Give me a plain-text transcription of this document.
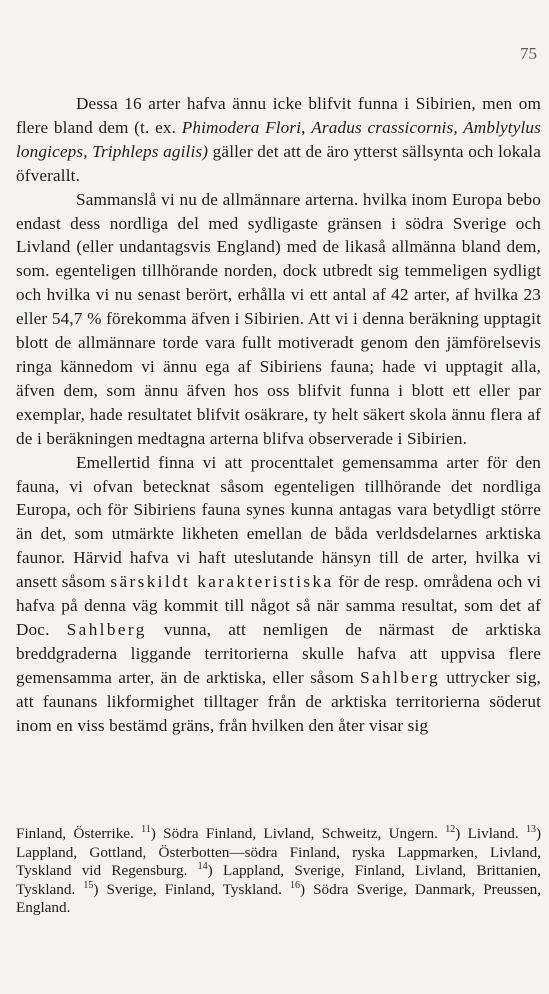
75

Dessa 16 arter hafva ännu icke blifvit funna i Sibirien, men om flere bland dem (t. ex. Phimodera Flori, Aradus crassicornis, Amblytylus longiceps, Triphleps agilis) gäller det att de äro ytterst sällsynta och lokala öfverallt.

Sammanslå vi nu de allmännare arterna. hvilka inom Europa bebo endast dess nordliga del med sydligaste gränsen i södra Sverige och Livland (eller undantagsvis England) med de likaså allmänna bland dem, som. egenteligen tillhörande norden, dock utbredt sig temmeligen sydligt och hvilka vi nu senast berört, erhålla vi ett antal af 42 arter, af hvilka 23 eller 54,7 % förekomma äfven i Sibirien. Att vi i denna beräkning upptagit blott de allmännare torde vara fullt motiveradt genom den jämförelsevis ringa kännedom vi ännu ega af Sibiriens fauna; hade vi upptagit alla, äfven dem, som ännu äfven hos oss blifvit funna i blott ett eller par exemplar, hade resultatet blifvit osäkrare, ty helt säkert skola ännu flera af de i beräkningen medtagna arterna blifva observerade i Sibirien.

Emellertid finna vi att procenttalet gemensamma arter för den fauna, vi ofvan betecknat såsom egenteligen tillhörande det nordliga Europa, och för Sibiriens fauna synes kunna antagas vara betydligt större än det, som utmärkte likheten emellan de båda verldsdelarnes arktiska faunor. Härvid hafva vi haft uteslutande hänsyn till de arter, hvilka vi ansett såsom särskildt karakteristiska för de resp. områdena och vi hafva på denna väg kommit till något så när samma resultat, som det af Doc. Sahlberg vunna, att nemligen de närmast de arktiska breddgraderna liggande territorierna skulle hafva att uppvisa flere gemensamma arter, än de arktiska, eller såsom Sahlberg uttrycker sig, att faunans likformighet tilltager från de arktiska territorierna söderut inom en viss bestämd gräns, från hvilken den åter visar sig

Finland, Österrike. $^{11}$) Södra Finland, Livland, Schweitz, Ungern. $^{12}$) Livland. $^{13}$) Lappland, Gottland, Österbotten—södra Finland, ryska Lappmarken, Livland, Tyskland vid Regensburg. $^{14}$) Lappland, Sverige, Finland, Livland, Brittanien, Tyskland. $^{15}$) Sverige, Finland, Tyskland. $^{16}$) Södra Sverige, Danmark, Preussen, England.
